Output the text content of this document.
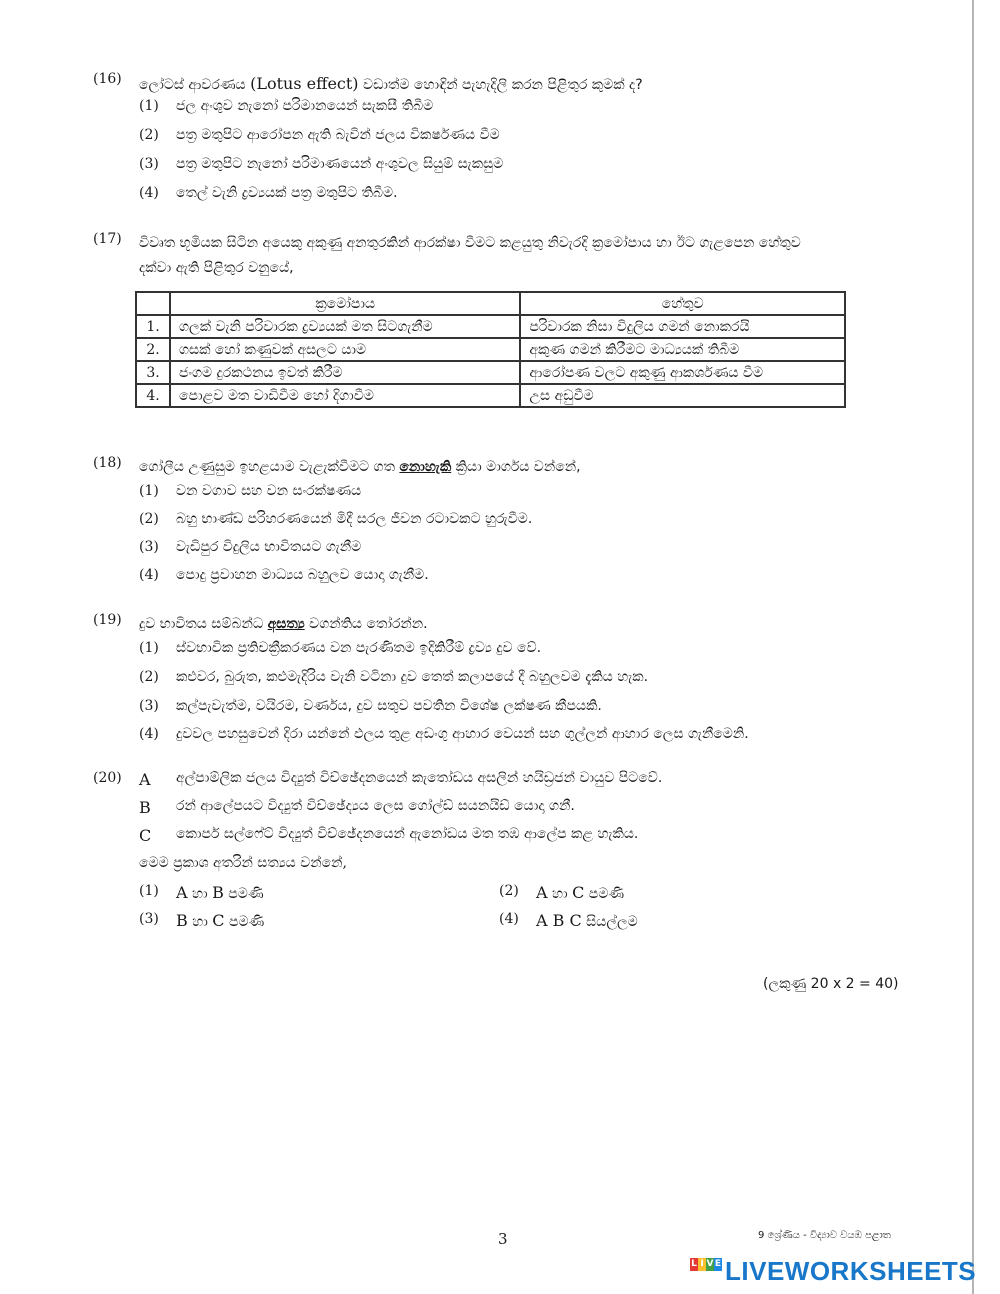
(16) ලෝටස් ආවරණය (Lotus effect) වඩාත්ම හොඳින් පැහැදිලි කරන පිළිතුර කුමක් ද?
(1) ජල අංශුව නැනෝ පරිමානයෙන් සැකසී තිබීම
(2) පත්‍ර මතුපිට ආරෝපන ඇති බැවින් ජලය විකර්ෂණය වීම
(3) පත්‍ර මතුපිට නැනෝ පරිමාණයෙන් අංශුවල සියුම් සැකසුම
(4) තෙල් වැනි ද්‍රව්‍යයක් පත්‍ර මතුපිට තිබීම.
(17) විවෘත භූමියක සිටින අයෙකු අකුණු අනතුරකින් ආරක්ෂා වීමට කළයුතු නිවැරදි ක්‍රමෝපාය හා ඊට ගැළපෙන හේතුව
දක්වා ඇති පිළිතුර වනුයේ,
	ක්‍රමෝපාය	හේතුව
1.	ගලක් වැනි පරිවාරක ද්‍රව්‍යයක් මත සිටගැනීම	පරිවාරක නිසා විදුලිය ගමන් නොකරයි
2.	ගසක් හෝ කණුවක් අසලට යාම	අකුණ ගමන් කිරීමට මාධ්‍යයක් තිබීම
3.	ජංගම දුරකථනය ඉවත් කිරීම	ආරෝපණ වලට අකුණු ආකර්ශණය වීම
4.	පොළව මත වාඩිවීම හෝ දිගාවීම	උස අඩුවීම
(18) ගෝලීය උණුසුම ඉහළයාම වැළැක්වීමට ගත නොහැකි ක්‍රියා මාර්ගය වන්නේ,
(1) වන වගාව සහ වන සංරක්ෂණය
(2) බහු භාණ්ඩ පරිහරණයෙන් මිදී සරල ජීවන රටාවකට හුරුවීම.
(3) වැඩිපුර විදුලිය භාවිතයට ගැනීම
(4) පොදු ප්‍රවාහන මාධ්‍යය බහුලව යොදා ගැනීම.
(19) දුව භාවිතය සම්බන්ධ අසත්‍ය වගන්තිය තෝරන්න.
(1) ස්වභාවික ප්‍රතිචක්‍රීකරණය වන පැරණිතම ඉදිකිරීම් ද්‍රව්‍ය දුව වේ.
(2) කළුවර, බුරුත, කළුමැදිරිය වැනි වටිනා දුව තෙත් කලාපයේ දී බහුලවම දැකිය හැක.
(3) කල්පැවැත්ම, වයිරම, වර්ණය, දුව සතුව පවතින විශේෂ ලක්ෂණ කීපයකි.
(4) දුවවල පහසුවෙන් දිරා යන්නේ ඵලය තුළ අඩංගු ආහාර වෙයන් සහ ගුල්ලන් ආහාර ලෙස ගැනීමෙනි.
(20) A අල්පාම්ලික ජලය විද්‍යුත් විච්ඡේදනයෙන් කැතෝඩය අසලින් හයිඩ්‍රජන් වායුව පිටවේ.
B රන් ආලේපයට විද්‍යුත් විච්ඡේද්‍යය ලෙස ගෝල්ඩ් සයනයිඩ් යොදා ගනී.
C කොපර් සල්ෆේට් විද්‍යුත් විච්ඡේදනයෙන් ඇනෝඩය මත තඹ ආලේප කළ හැකිය.
මෙම ප්‍රකාශ අතරින් සත්‍යය වන්නේ,
(1) A හා B පමණි	(2) A හා C පමණි
(3) B හා C පමණි	(4) A B C සියල්ලම
(ලකුණු 20 x 2 = 40)
3	9 ශ්‍රේණිය - විද්‍යාව වයඹ පළාත
L I V E LIVEWORKSHEETS
